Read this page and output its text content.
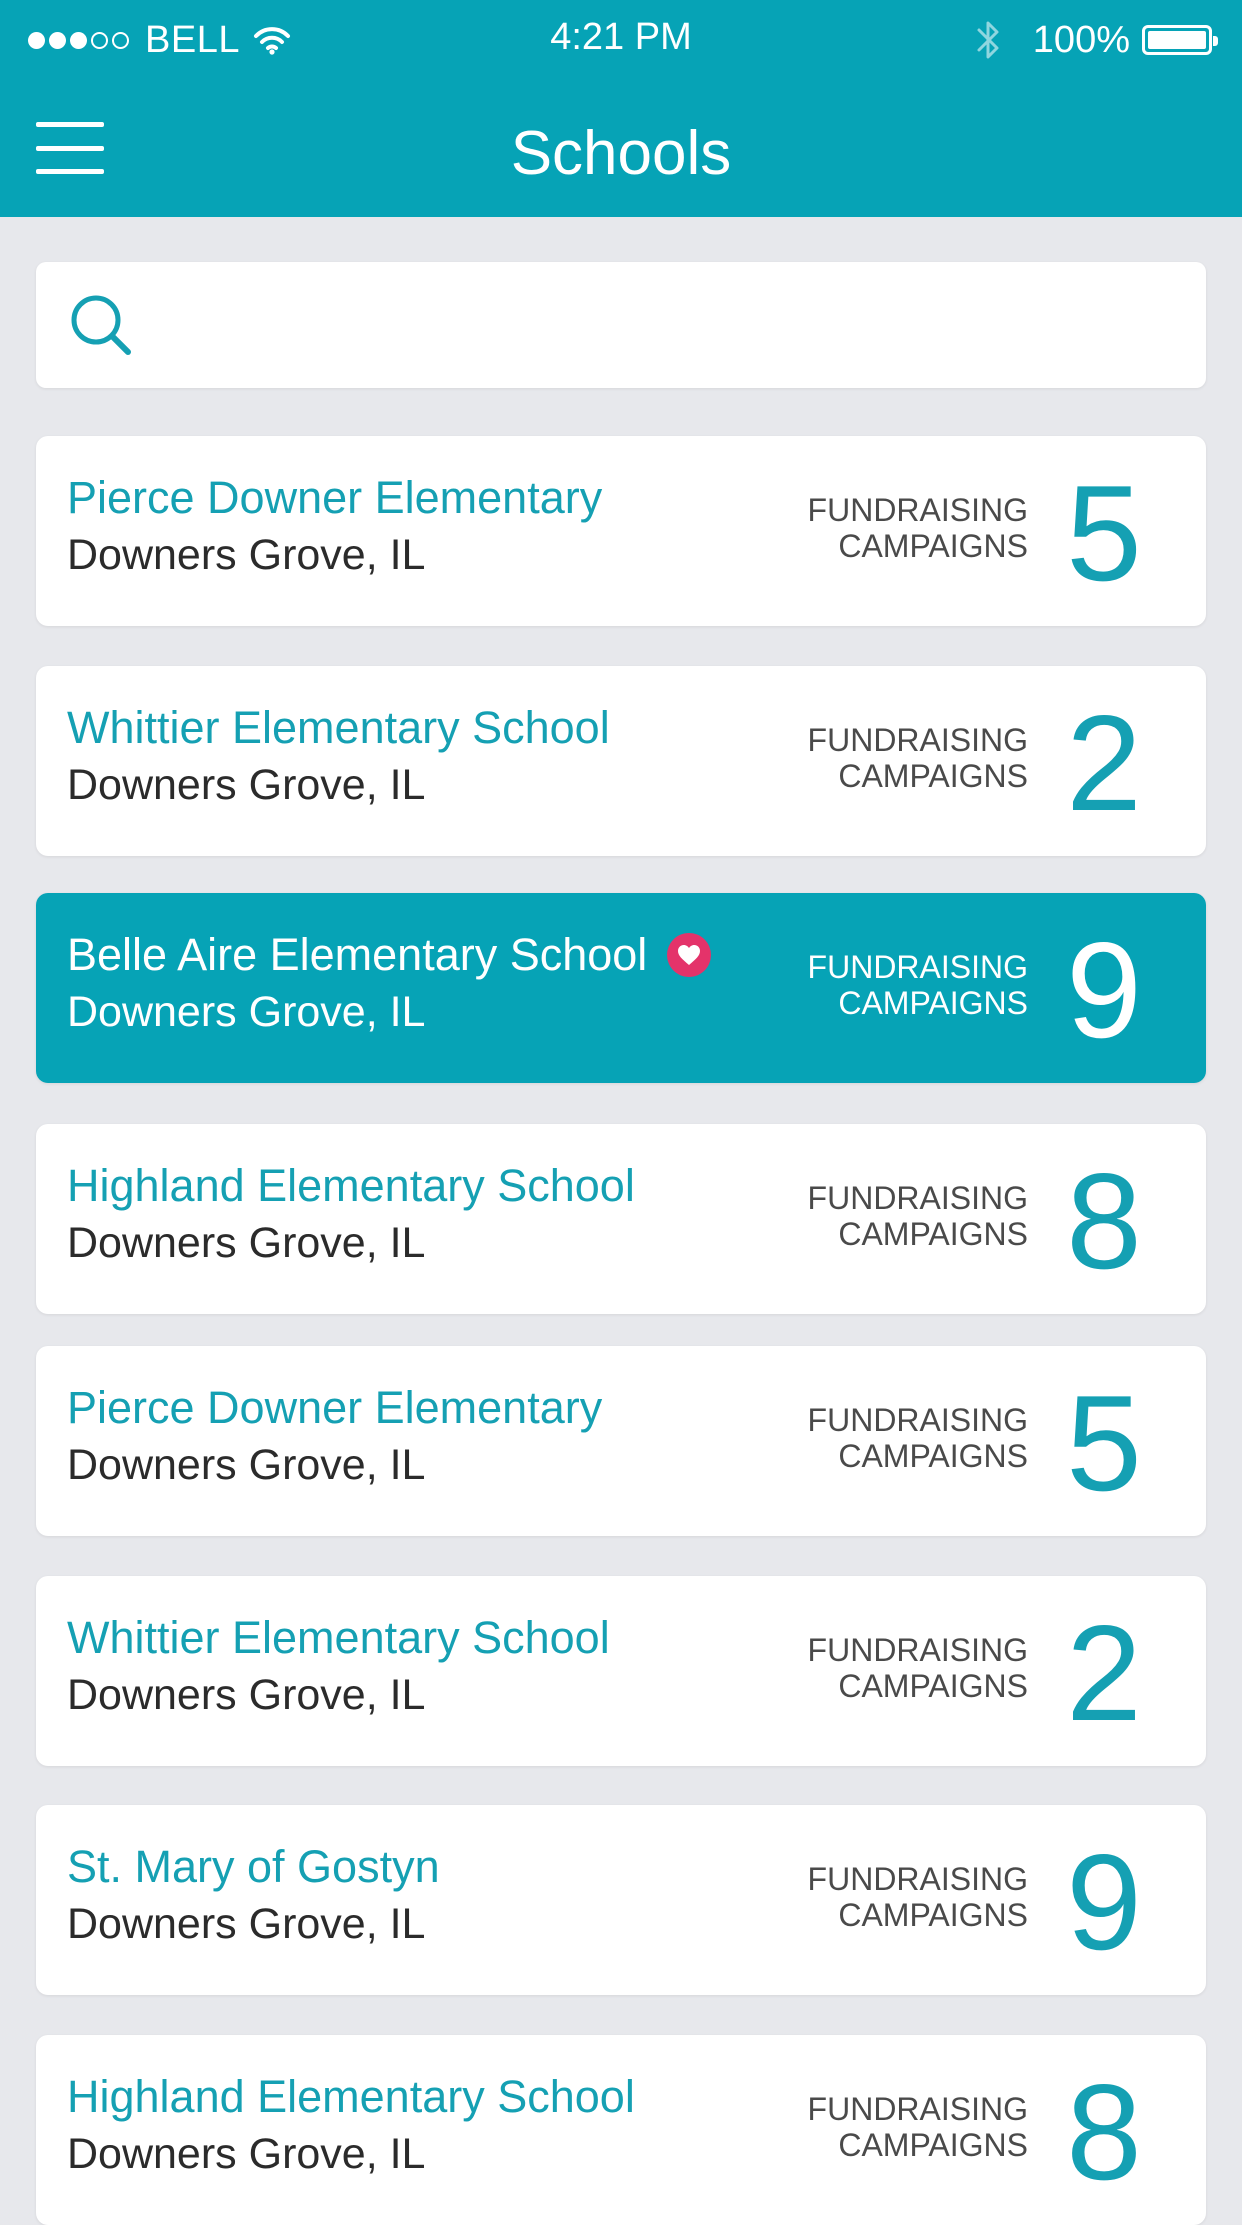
BELL	4:21 PM	100%
Schools
Pierce Downer Elementary
Downers Grove, IL
FUNDRAISING CAMPAIGNS 5
Whittier Elementary School
Downers Grove, IL
FUNDRAISING CAMPAIGNS 2
Belle Aire Elementary School
Downers Grove, IL
FUNDRAISING CAMPAIGNS 9
Highland Elementary School
Downers Grove, IL
FUNDRAISING CAMPAIGNS 8
Pierce Downer Elementary
Downers Grove, IL
FUNDRAISING CAMPAIGNS 5
Whittier Elementary School
Downers Grove, IL
FUNDRAISING CAMPAIGNS 2
St. Mary of Gostyn
Downers Grove, IL
FUNDRAISING CAMPAIGNS 9
Highland Elementary School
Downers Grove, IL
FUNDRAISING CAMPAIGNS 8
